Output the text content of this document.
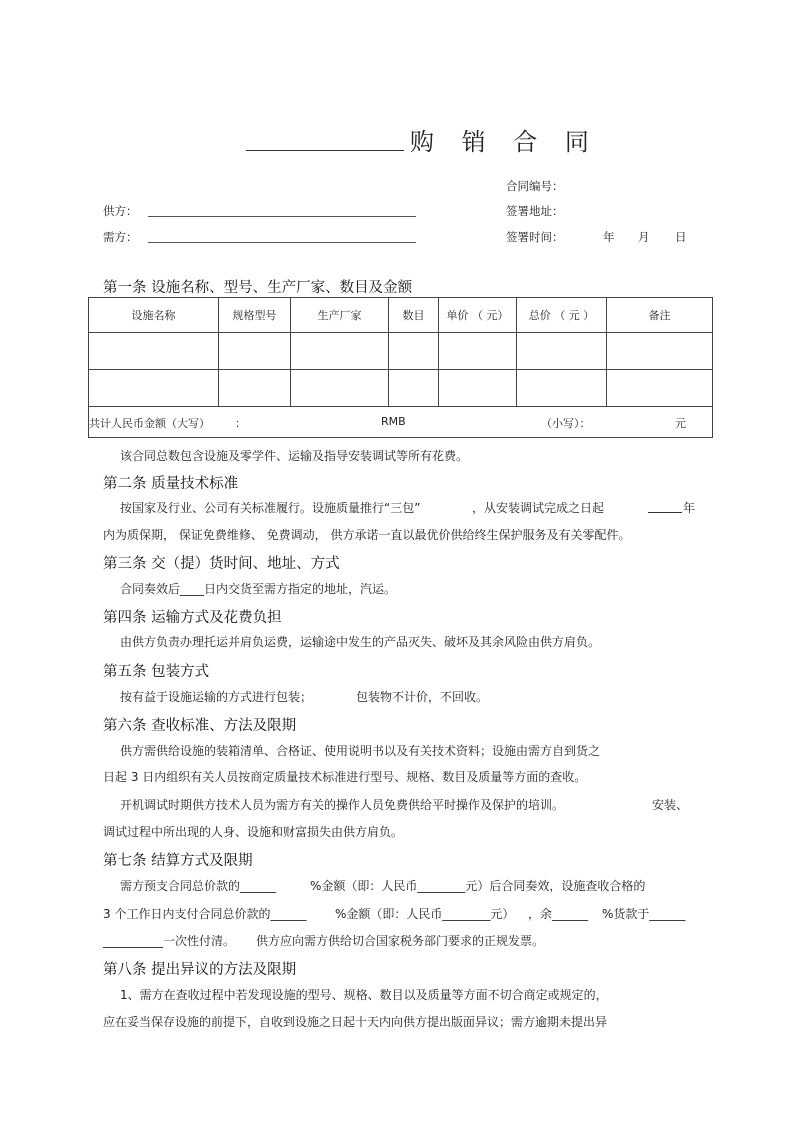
购 销 合 同
合同编号：
供方：	签署地址：
需方：	签署时间：	年 月 日
第一条 设施名称、型号、生产厂家、数目及金额
设施名称	规格型号	生产厂家	数目	单价 （ 元）	总价 （ 元 ）	备注

共计人民币金额（大写） ： RMB （小写）： 元						
该合同总数包含设施及零学件、运输及指导安装调试等所有花费。
第二条 质量技术标准
按国家及行业、公司有关标准履行。设施质量推行“三包”	，从安装调试完成之日起	年
内为质保期， 保证免费维修、 免费调动， 供方承诺一直以最优价供给终生保护服务及有关零配件。
第三条 交（提）货时间、地址、方式
合同奏效后____日内交货至需方指定的地址，汽运。
第四条 运输方式及花费负担
由供方负责办理托运并肩负运费，运输途中发生的产品灭失、破坏及其余风险由供方肩负。
第五条 包装方式
按有益于设施运输的方式进行包装；	包装物不计价，不回收。
第六条 查收标准、方法及限期
供方需供给设施的装箱清单、合格证、使用说明书以及有关技术资料；设施由需方自到货之
日起 3 日内组织有关人员按商定质量技术标准进行型号、规格、数目及质量等方面的查收。
开机调试时期供方技术人员为需方有关的操作人员免费供给平时操作及保护的培训。	安装、
调试过程中所出现的人身、设施和财富损失由供方肩负。
第七条 结算方式及限期
需方预支合同总价款的______	%金额（即：人民币________元）后合同奏效，设施查收合格的
3 个工作日内支付合同总价款的______ %金额（即：人民币________元） ，余______ %货款于______
__________一次性付清。 供方应向需方供给切合国家税务部门要求的正规发票。
第八条 提出异议的方法及限期
1、需方在查收过程中若发现设施的型号、规格、数目以及质量等方面不切合商定或规定的，
应在妥当保存设施的前提下，自收到设施之日起十天内向供方提出版面异议；需方逾期未提出异
